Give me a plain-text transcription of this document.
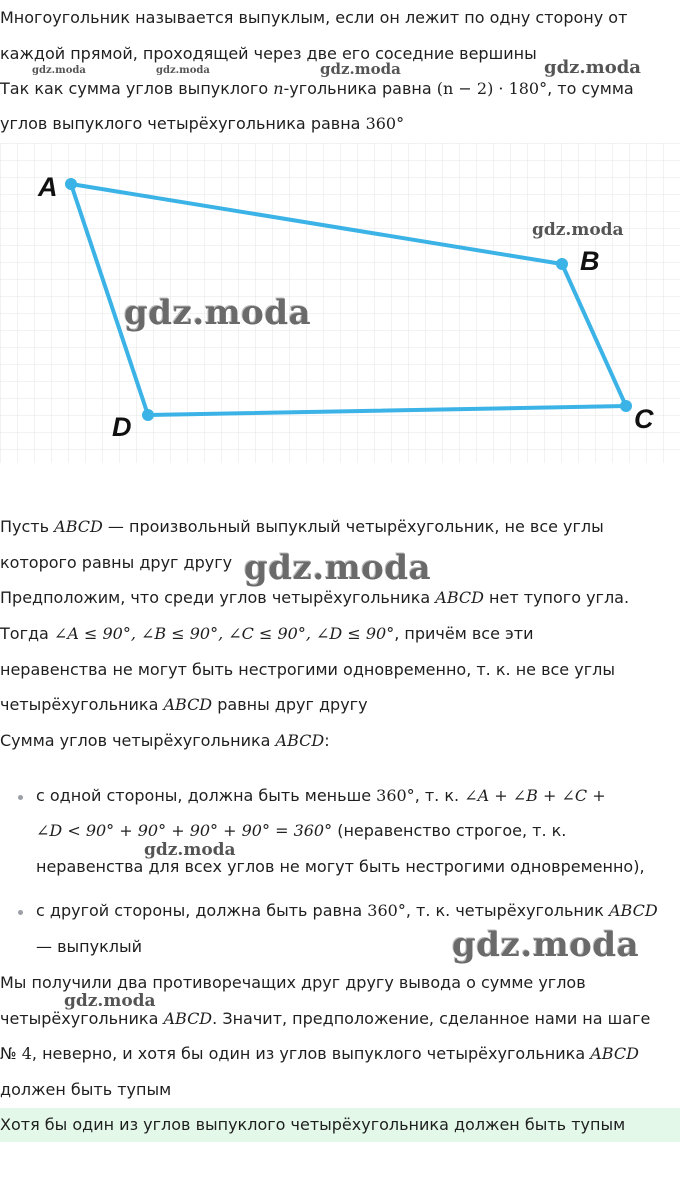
Многоугольник называется выпуклым, если он лежит по одну сторону от

каждой прямой, проходящей через две его соседние вершины

Так как сумма углов выпуклого n-угольника равна (n − 2) · 180°, то сумма

углов выпуклого четырёхугольника равна 360°

A
B
C
D

Пусть ABCD — произвольный выпуклый четырёхугольник, не все углы

которого равны друг другу

Предположим, что среди углов четырёхугольника ABCD нет тупого угла.

Тогда ∠A ≤ 90°, ∠B ≤ 90°, ∠C ≤ 90°, ∠D ≤ 90°, причём все эти

неравенства не могут быть нестрогими одновременно, т. к. не все углы

четырёхугольника ABCD равны друг другу

Сумма углов четырёхугольника ABCD:

с одной стороны, должна быть меньше 360°, т. к. ∠A + ∠B + ∠C +

∠D < 90° + 90° + 90° + 90° = 360° (неравенство строгое, т. к.

неравенства для всех углов не могут быть нестрогими одновременно),

с другой стороны, должна быть равна 360°, т. к. четырёхугольник ABCD

— выпуклый

Мы получили два противоречащих друг другу вывода о сумме углов

четырёхугольника ABCD. Значит, предположение, сделанное нами на шаге

№ 4, неверно, и хотя бы один из углов выпуклого четырёхугольника ABCD

должен быть тупым

Хотя бы один из углов выпуклого четырёхугольника должен быть тупым
gdz.moda	gdz.moda	gdz.moda	gdz.moda
gdz.moda
gdz.moda
gdz.moda
gdz.moda
gdz.moda
gdz.moda
